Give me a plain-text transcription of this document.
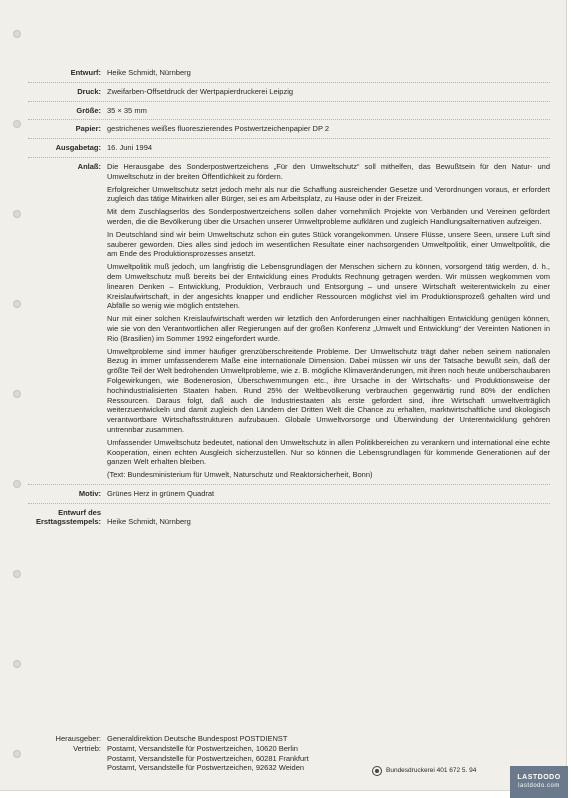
Entwurf: Heike Schmidt, Nürnberg
Druck: Zweifarben-Offsetdruck der Wertpapierdruckerei Leipzig
Größe: 35 × 35 mm
Papier: gestrichenes weißes fluoreszierendes Postwertzeichenpapier DP 2
Ausgabetag: 16. Juni 1994
Anlaß: Die Herausgabe des Sonderpostwertzeichens „Für den Umweltschutz“ soll mithelfen, das Bewußtsein für den Natur- und Umweltschutz in der breiten Öffentlichkeit zu fördern.

Erfolgreicher Umweltschutz setzt jedoch mehr als nur die Schaffung ausreichender Gesetze und Verordnungen voraus, er erfordert zugleich das tätige Mitwirken aller Bürger, sei es am Arbeitsplatz, zu Hause oder in der Freizeit.

Mit dem Zuschlagserlös des Sonderpostwertzeichens sollen daher vornehmlich Projekte von Verbänden und Vereinen gefördert werden, die die Bevölkerung über die Ursachen unserer Umweltprobleme aufklären und zugleich Handlungsalternativen aufzeigen.

In Deutschland sind wir beim Umweltschutz schon ein gutes Stück vorangekommen. Unsere Flüsse, unsere Seen, unsere Luft sind sauberer geworden. Dies alles sind jedoch im wesentlichen Resultate einer nachsorgenden Umweltpolitik, einer Umweltpolitik, die am Ende des Produktionsprozesses ansetzt.

Umweltpolitik muß jedoch, um langfristig die Lebensgrundlagen der Menschen sichern zu können, vorsorgend tätig werden, d. h., dem Umweltschutz muß bereits bei der Entwicklung eines Produkts Rechnung getragen werden. Wir müssen wegkommen vom linearen Denken – Entwicklung, Produktion, Verbrauch und Entsorgung – und unsere Wirtschaft weiterentwickeln zu einer Kreislaufwirtschaft, in der angesichts knapper und endlicher Ressourcen möglichst viel im Produktionsprozeß gehalten wird und Abfälle so wenig wie möglich entstehen.

Nur mit einer solchen Kreislaufwirtschaft werden wir letztlich den Anforderungen einer nachhaltigen Entwicklung genügen können, wie sie von den Verantwortlichen aller Regierungen auf der großen Konferenz „Umwelt und Entwicklung“ der Vereinten Nationen in Rio (Brasilien) im Sommer 1992 eingefordert wurde.

Umweltprobleme sind immer häufiger grenzüberschreitende Probleme. Der Umweltschutz trägt daher neben seinem nationalen Bezug in immer umfassenderem Maße eine internationale Dimension. Dabei müssen wir uns der Tatsache bewußt sein, daß der größte Teil der Welt bedrohenden Umweltprobleme, wie z. B. mögliche Klimaveränderungen, mit ihren noch heute unüberschaubaren Folgewirkungen, wie Bodenerosion, Überschwemmungen etc., ihre Ursache in der Wirtschafts- und Produktionsweise der hochindustrialisierten Staaten haben. Rund 25% der Weltbevölkerung verbrauchen gegenwärtig rund 80% der endlichen Ressourcen. Daraus folgt, daß auch die Industriestaaten als erste gefordert sind, ihre Wirtschaft umweltverträglich weiterzuentwickeln und damit zugleich den Ländern der Dritten Welt die Chance zu erhalten, marktwirtschaftliche und ökologisch verantwortbare Wirtschaftsstrukturen aufzubauen. Globale Umweltvorsorge und Überwindung der Unterentwicklung gehören untrennbar zusammen.

Umfassender Umweltschutz bedeutet, national den Umweltschutz in allen Politikbereichen zu verankern und international eine echte Kooperation, einen echten Ausgleich sicherzustellen. Nur so können die Lebensgrundlagen für kommende Generationen auf der ganzen Welt erhalten bleiben.

(Text: Bundesministerium für Umwelt, Naturschutz und Reaktorsicherheit, Bonn)

Motiv: Grünes Herz in grünem Quadrat
Entwurf des
Ersttagsstempels: Heike Schmidt, Nürnberg
Herausgeber: Generaldirektion Deutsche Bundespost POSTDIENST
Vertrieb: Postamt, Versandstelle für Postwertzeichen, 10620 Berlin
Postamt, Versandstelle für Postwertzeichen, 60281 Frankfurt
Postamt, Versandstelle für Postwertzeichen, 92632 Weiden	Bundesdruckerei 401 672 5. 94
LASTDODO
lastdodo.com
